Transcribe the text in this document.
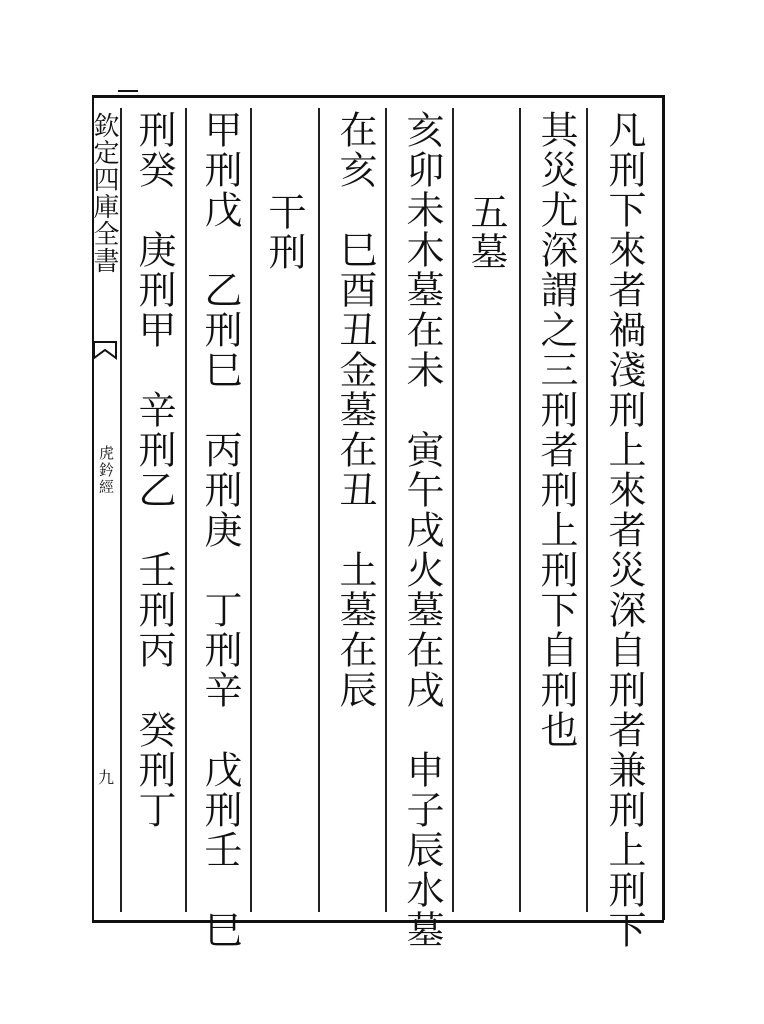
欽定四庫全書
虎鈐經
九	凡刑下來者禍淺刑上來者災深自刑者兼刑上刑下
其災尤深謂之三刑者刑上刑下自刑也
五墓
亥卯未木墓在未　寅午戌火墓在戌　申子辰水墓
在亥　巳酉丑金墓在丑　土墓在辰
干刑
甲刑戊　乙刑巳　丙刑庚　丁刑辛　戊刑壬　巳
刑癸　庚刑甲　辛刑乙　壬刑丙　癸刑丁
